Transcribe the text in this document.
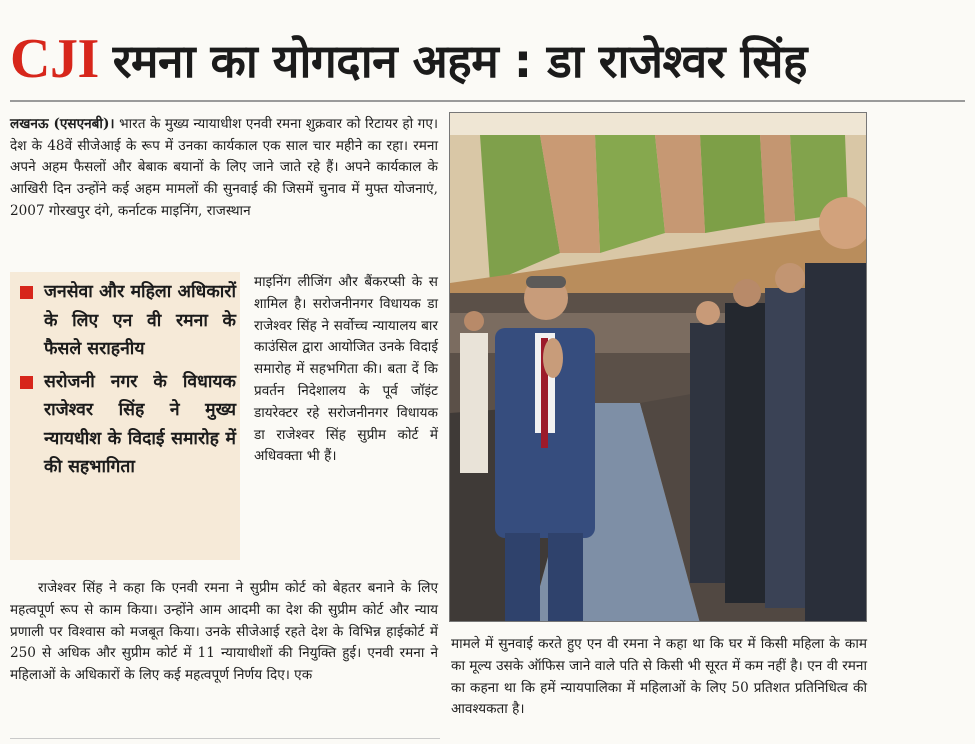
CJI रमना का योगदान अहम : डा राजेश्वर सिंह
लखनऊ (एसएनबी)। भारत के मुख्य न्यायाधीश एनवी रमना शुक्रवार को रिटायर हो गए। देश के 48वें सीजेआई के रूप में उनका कार्यकाल एक साल चार महीने का रहा। रमना अपने अहम फैसलों और बेबाक बयानों के लिए जाने जाते रहे हैं। अपने कार्यकाल के आखिरी दिन उन्होंने कई अहम मामलों की सुनवाई की जिसमें चुनाव में मुफ्त योजनाएं, 2007 गोरखपुर दंगे, कर्नाटक माइनिंग, राजस्थान
जनसेवा और महिला अधिकारों के लिए एन वी रमना के फैसले सराहनीय
सरोजनी नगर के विधायक राजेश्वर सिंह ने मुख्य न्यायधीश के विदाई समारोह में की सहभागिता
माइनिंग लीजिंग और बैंकरप्सी के स शामिल है। सरोजनीनगर विधायक डा राजेश्वर सिंह ने सर्वोच्च न्यायालय बार काउंसिल द्वारा आयोजित उनके विदाई समारोह में सहभगिता की। बता दें कि प्रवर्तन निदेशालय के पूर्व जॉइंट डायरेक्टर रहे सरोजनीनगर विधायक डा राजेश्वर सिंह सुप्रीम कोर्ट में अधिवक्ता भी हैं।
राजेश्वर सिंह ने कहा कि एनवी रमना ने सुप्रीम कोर्ट को बेहतर बनाने के लिए महत्वपूर्ण रूप से काम किया। उन्होंने आम आदमी का देश की सुप्रीम कोर्ट और न्याय प्रणाली पर विश्वास को मजबूत किया। उनके सीजेआई रहते देश के विभिन्न हाईकोर्ट में 250 से अधिक और सुप्रीम कोर्ट में 11 न्यायाधीशों की नियुक्ति हुई। एनवी रमना ने महिलाओं के अधिकारों के लिए कई महत्वपूर्ण निर्णय दिए। एक
मामले में सुनवाई करते हुए एन वी रमना ने कहा था कि घर में किसी महिला के काम का मूल्य उसके ऑफिस जाने वाले पति से किसी भी सूरत में कम नहीं है। एन वी रमना का कहना था कि हमें न्यायपालिका में महिलाओं के लिए 50 प्रतिशत प्रतिनिधित्व की आवश्यकता है।
